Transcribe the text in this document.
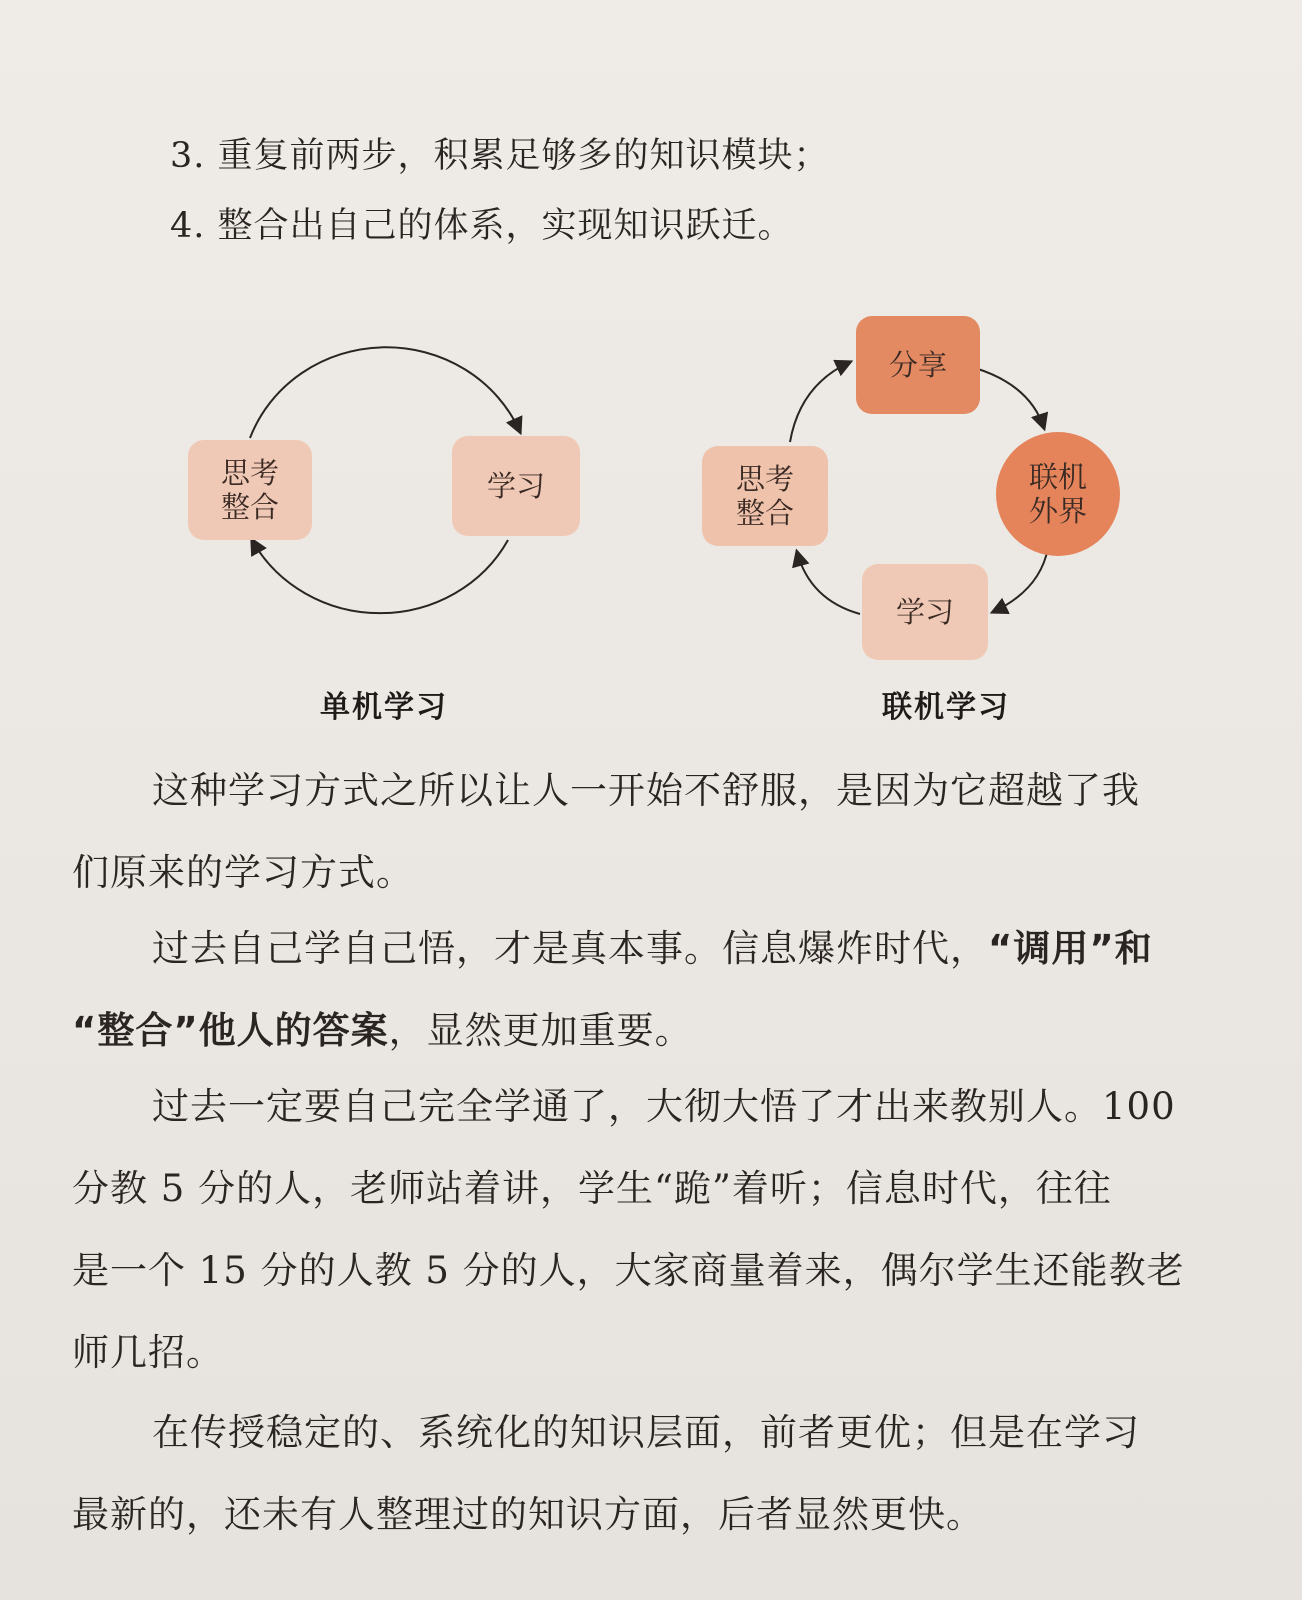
3. 重复前两步，积累足够多的知识模块；
4. 整合出自己的体系，实现知识跃迁。
思考
整合
学习
单机学习
分享
联机
外界
学习
思考
整合
联机学习
这种学习方式之所以让人一开始不舒服，是因为它超越了我
们原来的学习方式。
过去自己学自己悟，才是真本事。信息爆炸时代，“调用”和
“整合”他人的答案，显然更加重要。
过去一定要自己完全学通了，大彻大悟了才出来教别人。100
分教 5 分的人，老师站着讲，学生“跪”着听；信息时代，往往
是一个 15 分的人教 5 分的人，大家商量着来，偶尔学生还能教老
师几招。
在传授稳定的、系统化的知识层面，前者更优；但是在学习
最新的，还未有人整理过的知识方面，后者显然更快。
